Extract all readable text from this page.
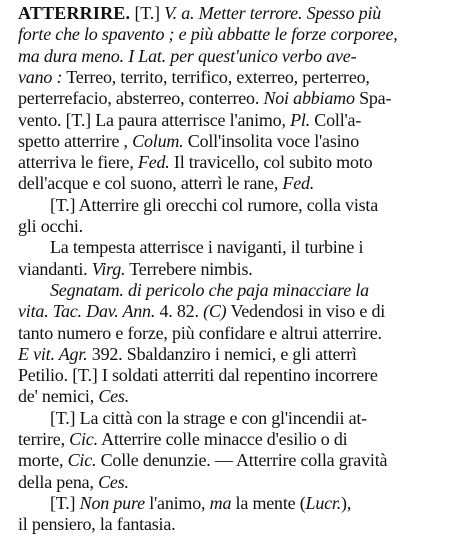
ATTERRIRE. [T.] V. a. Metter terrore. Spesso più
forte che lo spavento ; e più abbatte le forze corporee,
ma dura meno. I Lat. per quest'unico verbo ave-
vano : Terreo, territo, terrifico, exterreo, perterreo,
perterrefacio, absterreo, conterreo. Noi abbiamo Spa-
vento. [T.] La paura atterrisce l'animo, Pl. Coll'a-
spetto atterrire , Colum. Coll'insolita voce l'asino
atterriva le fiere, Fed. Il travicello, col subito moto
dell'acque e col suono, atterrì le rane, Fed.
[T.] Atterrire gli orecchi col rumore, colla vista
gli occhi.
La tempesta atterrisce i naviganti, il turbine i
viandanti. Virg. Terrebere nimbis.
Segnatam. di pericolo che paja minacciare la
vita. Tac. Dav. Ann. 4. 82. (C) Vedendosi in viso e di
tanto numero e forze, più confidare e altrui atterrire.
E vit. Agr. 392. Sbaldanziro i nemici, e gli atterrì
Petilio. [T.] I soldati atterriti dal repentino incorrere
de' nemici, Ces.
[T.] La città con la strage e con gl'incendii at-
terrire, Cic. Atterrire colle minacce d'esilio o di
morte, Cic. Colle denunzie. — Atterrire colla gravità
della pena, Ces.
[T.] Non pure l'animo, ma la mente (Lucr.),
il pensiero, la fantasia.
